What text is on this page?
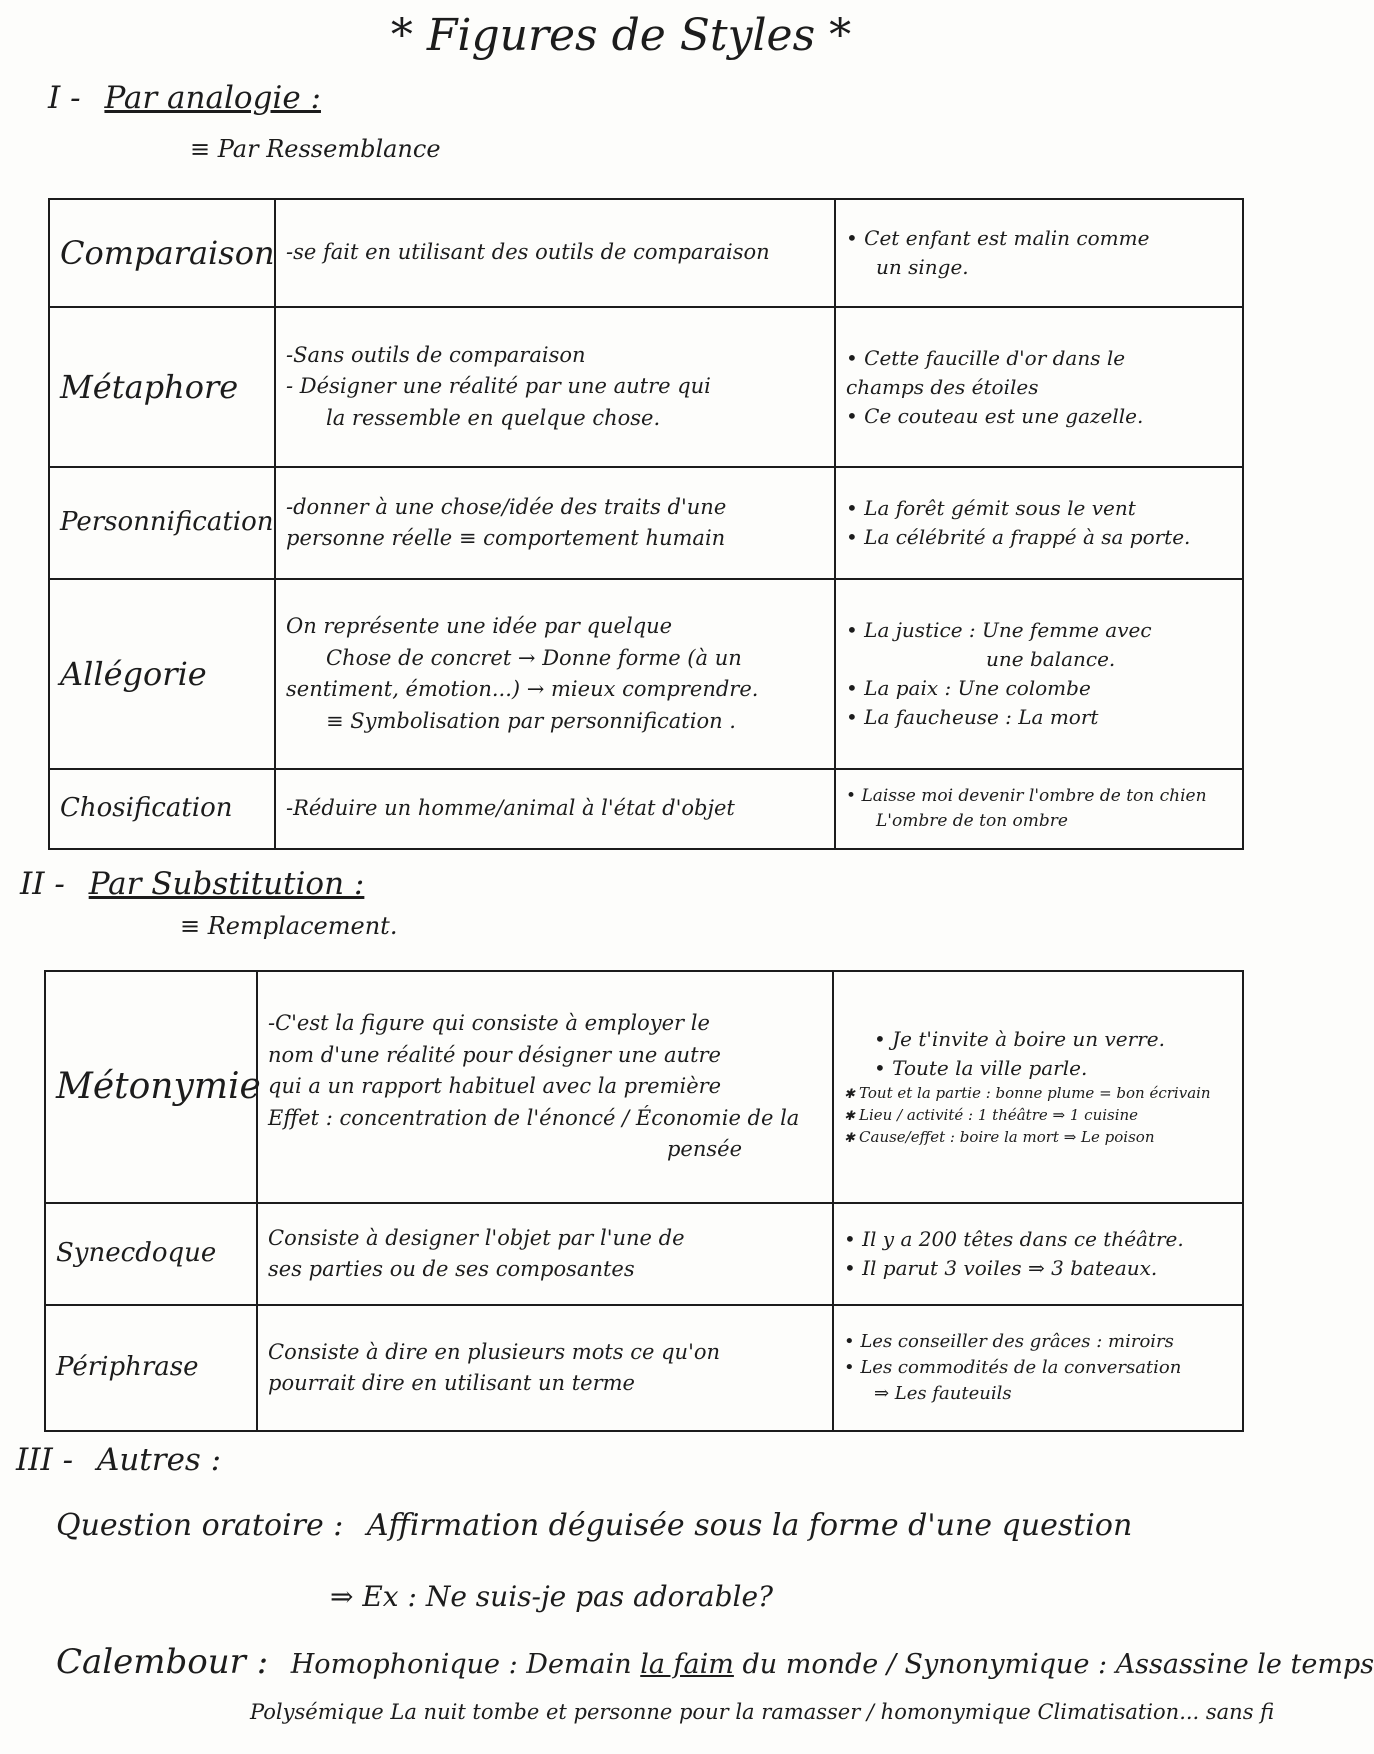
* Figures de Styles *
I - Par analogie :
≡ Par Ressemblance
Comparaison	-se fait en utilisant des outils de comparaison	• Cet enfant est malin comme
un singe.

Métaphore	-Sans outils de comparaison
- Désigner une réalité par une autre qui
la ressemble en quelque chose.	• Cette faucille d'or dans le
champs des étoiles
• Ce couteau est une gazelle.

Personnification	-donner à une chose/idée des traits d'une
personne réelle ≡ comportement humain	• La forêt gémit sous le vent
• La célébrité a frappé à sa porte.

Allégorie	On représente une idée par quelque
Chose de concret → Donne forme (à un
sentiment, émotion...) → mieux comprendre.
≡ Symbolisation par personnification .	• La justice : Une femme avec
une balance.
• La paix : Une colombe
• La faucheuse : La mort

Chosification	-Réduire un homme/animal à l'état d'objet	• Laisse moi devenir l'ombre de ton chien
L'ombre de ton ombre
II - Par Substitution :
≡ Remplacement.
Métonymie	-C'est la figure qui consiste à employer le
nom d'une réalité pour désigner une autre
qui a un rapport habituel avec la première
Effet : concentration de l'énoncé / Économie de la
pensée	• Je t'invite à boire un verre.
• Toute la ville parle.
✱ Tout et la partie : bonne plume = bon écrivain
✱ Lieu / activité : 1 théâtre ⇒ 1 cuisine
✱ Cause/effet : boire la mort ⇒ Le poison

Synecdoque	Consiste à designer l'objet par l'une de
ses parties ou de ses composantes	• Il y a 200 têtes dans ce théâtre.
• Il parut 3 voiles ⇒ 3 bateaux.

Périphrase	Consiste à dire en plusieurs mots ce qu'on
pourrait dire en utilisant un terme	• Les conseiller des grâces : miroirs
• Les commodités de la conversation
⇒ Les fauteuils
III - Autres :
Question oratoire : Affirmation déguisée sous la forme d'une question
⇒ Ex : Ne suis-je pas adorable?
Calembour : Homophonique : Demain la faim du monde / Synonymique : Assassine le temps
Polysémique La nuit tombe et personne pour la ramasser / homonymique Climatisation... sans fi
